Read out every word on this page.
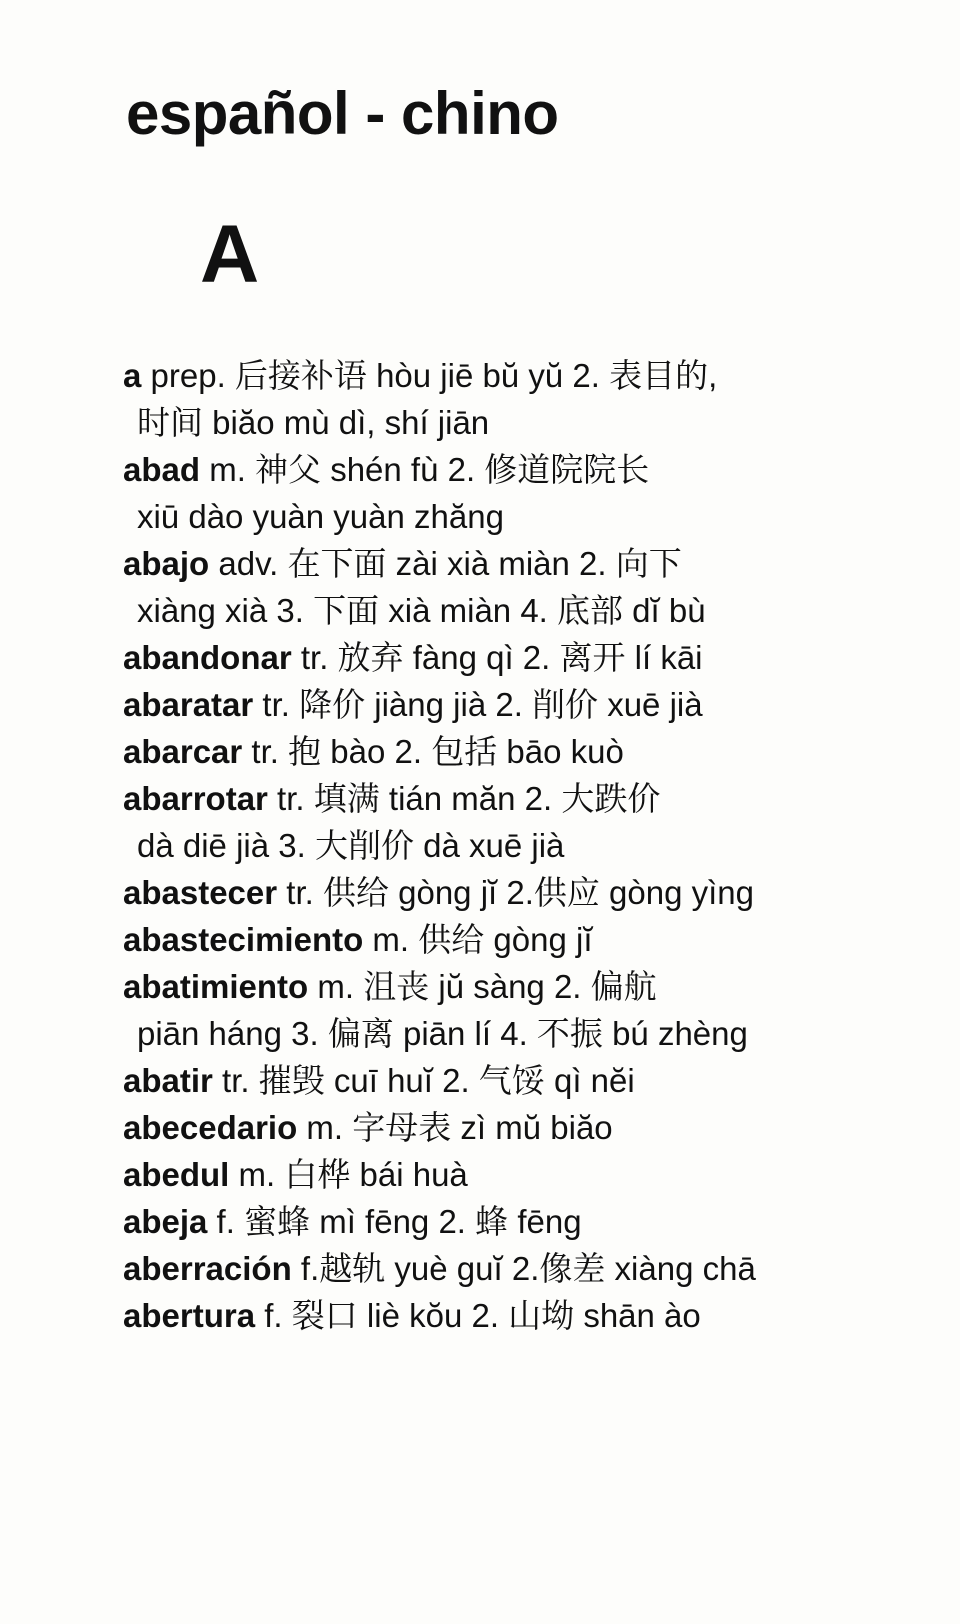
español - chino
A
a prep. 后接补语 hòu jiē bŭ yŭ 2. 表目的,
时间 biăo mù dì, shí jiān
abad m. 神父 shén fù 2. 修道院院长
xiū dào yuàn yuàn zhăng
abajo adv. 在下面 zài xià miàn 2. 向下
xiàng xià 3. 下面 xià miàn 4. 底部 dĭ bù
abandonar tr. 放弃 fàng qì 2. 离开 lí kāi
abaratar tr. 降价 jiàng jià 2. 削价 xuē jià
abarcar tr. 抱 bào 2. 包括 bāo kuò
abarrotar tr. 填满 tián măn 2. 大跌价
dà diē jià 3. 大削价 dà xuē jià
abastecer tr. 供给 gòng jĭ 2.供应 gòng yìng
abastecimiento m. 供给 gòng jĭ
abatimiento m. 沮丧 jŭ sàng 2. 偏航
piān háng 3. 偏离 piān lí 4. 不振 bú zhèng
abatir tr. 摧毁 cuī huĭ 2. 气馁 qì nĕi
abecedario m. 字母表 zì mŭ biăo
abedul m. 白桦 bái huà
abeja f. 蜜蜂 mì fēng 2. 蜂 fēng
aberración f.越轨 yuè guĭ 2.像差 xiàng chā
abertura f. 裂口 liè kŏu 2. 山坳 shān ào
